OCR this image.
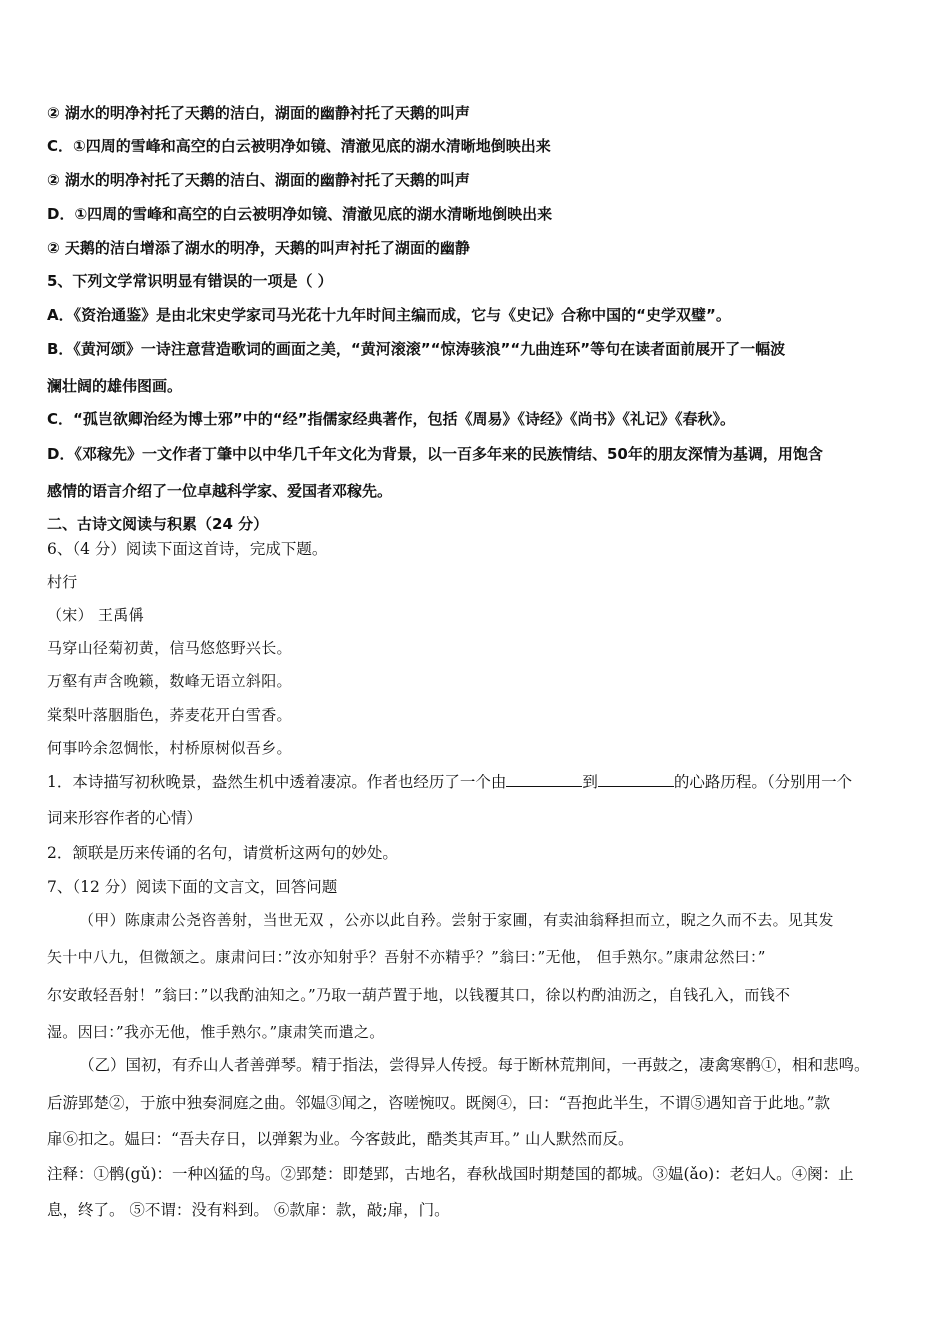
② 湖水的明净衬托了天鹅的洁白，湖面的幽静衬托了天鹅的叫声
C．①四周的雪峰和高空的白云被明净如镜、清澈见底的湖水清晰地倒映出来
② 湖水的明净衬托了天鹅的洁白、湖面的幽静衬托了天鹅的叫声
D．①四周的雪峰和高空的白云被明净如镜、清澈见底的湖水清晰地倒映出来
② 天鹅的洁白增添了湖水的明净，天鹅的叫声衬托了湖面的幽静
5、下列文学常识明显有错误的一项是（ ）
A．《资治通鉴》是由北宋史学家司马光花十九年时间主编而成，它与《史记》合称中国的“史学双璧”。
B．《黄河颂》一诗注意营造歌词的画面之美，“黄河滚滚”“惊涛骇浪”“九曲连环”等句在读者面前展开了一幅波
澜壮阔的雄伟图画。
C．“孤岂欲卿治经为博士邪”中的“经”指儒家经典著作，包括《周易》《诗经》《尚书》《礼记》《春秋》。
D．《邓稼先》一文作者丁肇中以中华几千年文化为背景，以一百多年来的民族情结、50年的朋友深情为基调，用饱含
感情的语言介绍了一位卓越科学家、爱国者邓稼先。
二、古诗文阅读与积累（24 分）
6、（4 分）阅读下面这首诗，完成下题。
村行
（宋） 王禹偁
马穿山径菊初黄，信马悠悠野兴长。
万壑有声含晚籁，数峰无语立斜阳。
棠梨叶落胭脂色，荞麦花开白雪香。
何事吟余忽惆怅，村桥原树似吾乡。
1．本诗描写初秋晚景，盎然生机中透着凄凉。作者也经历了一个由	到	的心路历程。（分别用一个
词来形容作者的心情）
2．颔联是历来传诵的名句，请赏析这两句的妙处。
7、（12 分）阅读下面的文言文，回答问题
（甲）陈康肃公尧咨善射，当世无双 ，公亦以此自矜。尝射于家圃，有卖油翁释担而立，睨之久而不去。见其发
矢十中八九，但微颔之。康肃问曰：”汝亦知射乎？吾射不亦精乎？”翁曰：”无他， 但手熟尔。”康肃忿然曰：”
尔安敢轻吾射！”翁曰：”以我酌油知之。”乃取一葫芦置于地，以钱覆其口，徐以杓酌油沥之，自钱孔入，而钱不
湿。因曰：”我亦无他，惟手熟尔。”康肃笑而遣之。
（乙）国初，有乔山人者善弹琴。精于指法，尝得异人传授。每于断林荒荆间，一再鼓之，凄禽寒鹘①，相和悲鸣。
后游郢楚②，于旅中独奏洞庭之曲。邻媪③闻之，咨嗟惋叹。既阕④，曰：“吾抱此半生，不谓⑤遇知音于此地。”款
扉⑥扣之。媪曰：“吾夫存日，以弹絮为业。今客鼓此，酷类其声耳。” 山人默然而反。
注释：①鹘(gǔ)：一种凶猛的鸟。②郢楚：即楚郢，古地名，春秋战国时期楚国的都城。③媪(ǎo)：老妇人。④阕：止
息，终了。 ⑤不谓：没有料到。 ⑥款扉：款，敲;扉，门。
